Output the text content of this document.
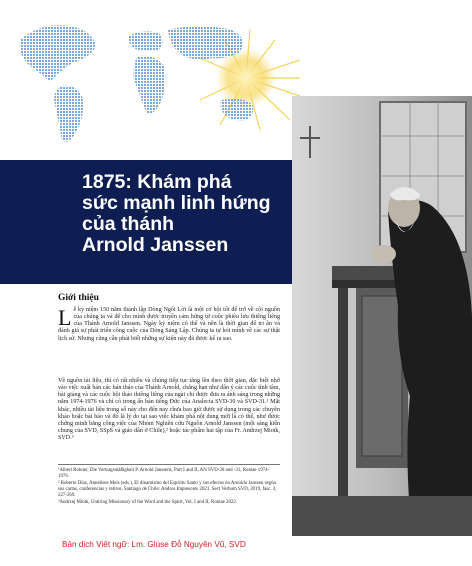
1875: Khám phá
sức mạnh linh hứng
của thánh
Arnold Janssen
Giới thiệu
Lễ kỷ niệm 150 năm thành lập Dòng Ngôi Lời là một cơ hội tốt để trở về cội nguồn của chúng ta và để cho mình được truyền cảm hứng từ cuộc phiêu lưu thiêng liêng của Thánh Arnold Janssen. Ngày kỷ niệm có thể và nên là thời gian để tri ân và đánh giá sự phát triển công cuộc của Dòng Sáng Lập. Chúng ta tự hỏi mình về các sự thật lịch sử. Nhưng cũng cần phải biết những sự kiện này đã được kể ra sao.
Về nguồn tài liệu, thì có rất nhiều và chúng tiếp tục tăng lên theo thời gian, đặc biệt nhờ vào việc xuất bản các bản thảo của Thánh Arnold, chẳng hạn như dân ý các cuộc tĩnh tâm, bài giảng và các cuộc hội thảo thiêng liêng của ngài chỉ được đưa ra ánh sáng trong những năm 1974-1976 và chỉ có trong ấn bản tiếng Đức của Analecta SVD-30 và SVD-31.¹ Mặt khác, nhiều tài liệu trong số này cho đến nay chưa bao giờ được sử dụng trong các chuyên khảo hoặc bài báo và đó là lý do tại sao việc khám phá nội dung mới là có thể, như được chứng minh bằng công việc của Nhóm Nghiên cứu Nguồn Arnold Janssen (một sáng kiến chung của SVD, SSpS và giáo dân ở Chile),² hoặc tác phẩm hai tập của Fr. Andrzej Miotk, SVD.³

¹Albert Rohner, Die Vortragsmäßigkeit P. Arnold Janssens, Part I and II, AN SVD-30 and -31, Romae 1974-1976.

² Roberto Díaz, Anneliese Meis (eds.), El dinamismo del Espíritu Santo y sus efectos en Arnoldo Janssen según sus cartas, conferencias y retiros, Santiago de Chile: Andros Impresores 2021. Sect Verbum SVD, 2019, fasc. 3, 227-269.

³Andrzej Miotk, Untiring Missionary of the Word and the Spirit, Vol. I and II, Romae 2022.

Bản dịch Việt ngữ: Lm. Gluse Đỗ Nguyên Vũ, SVD
